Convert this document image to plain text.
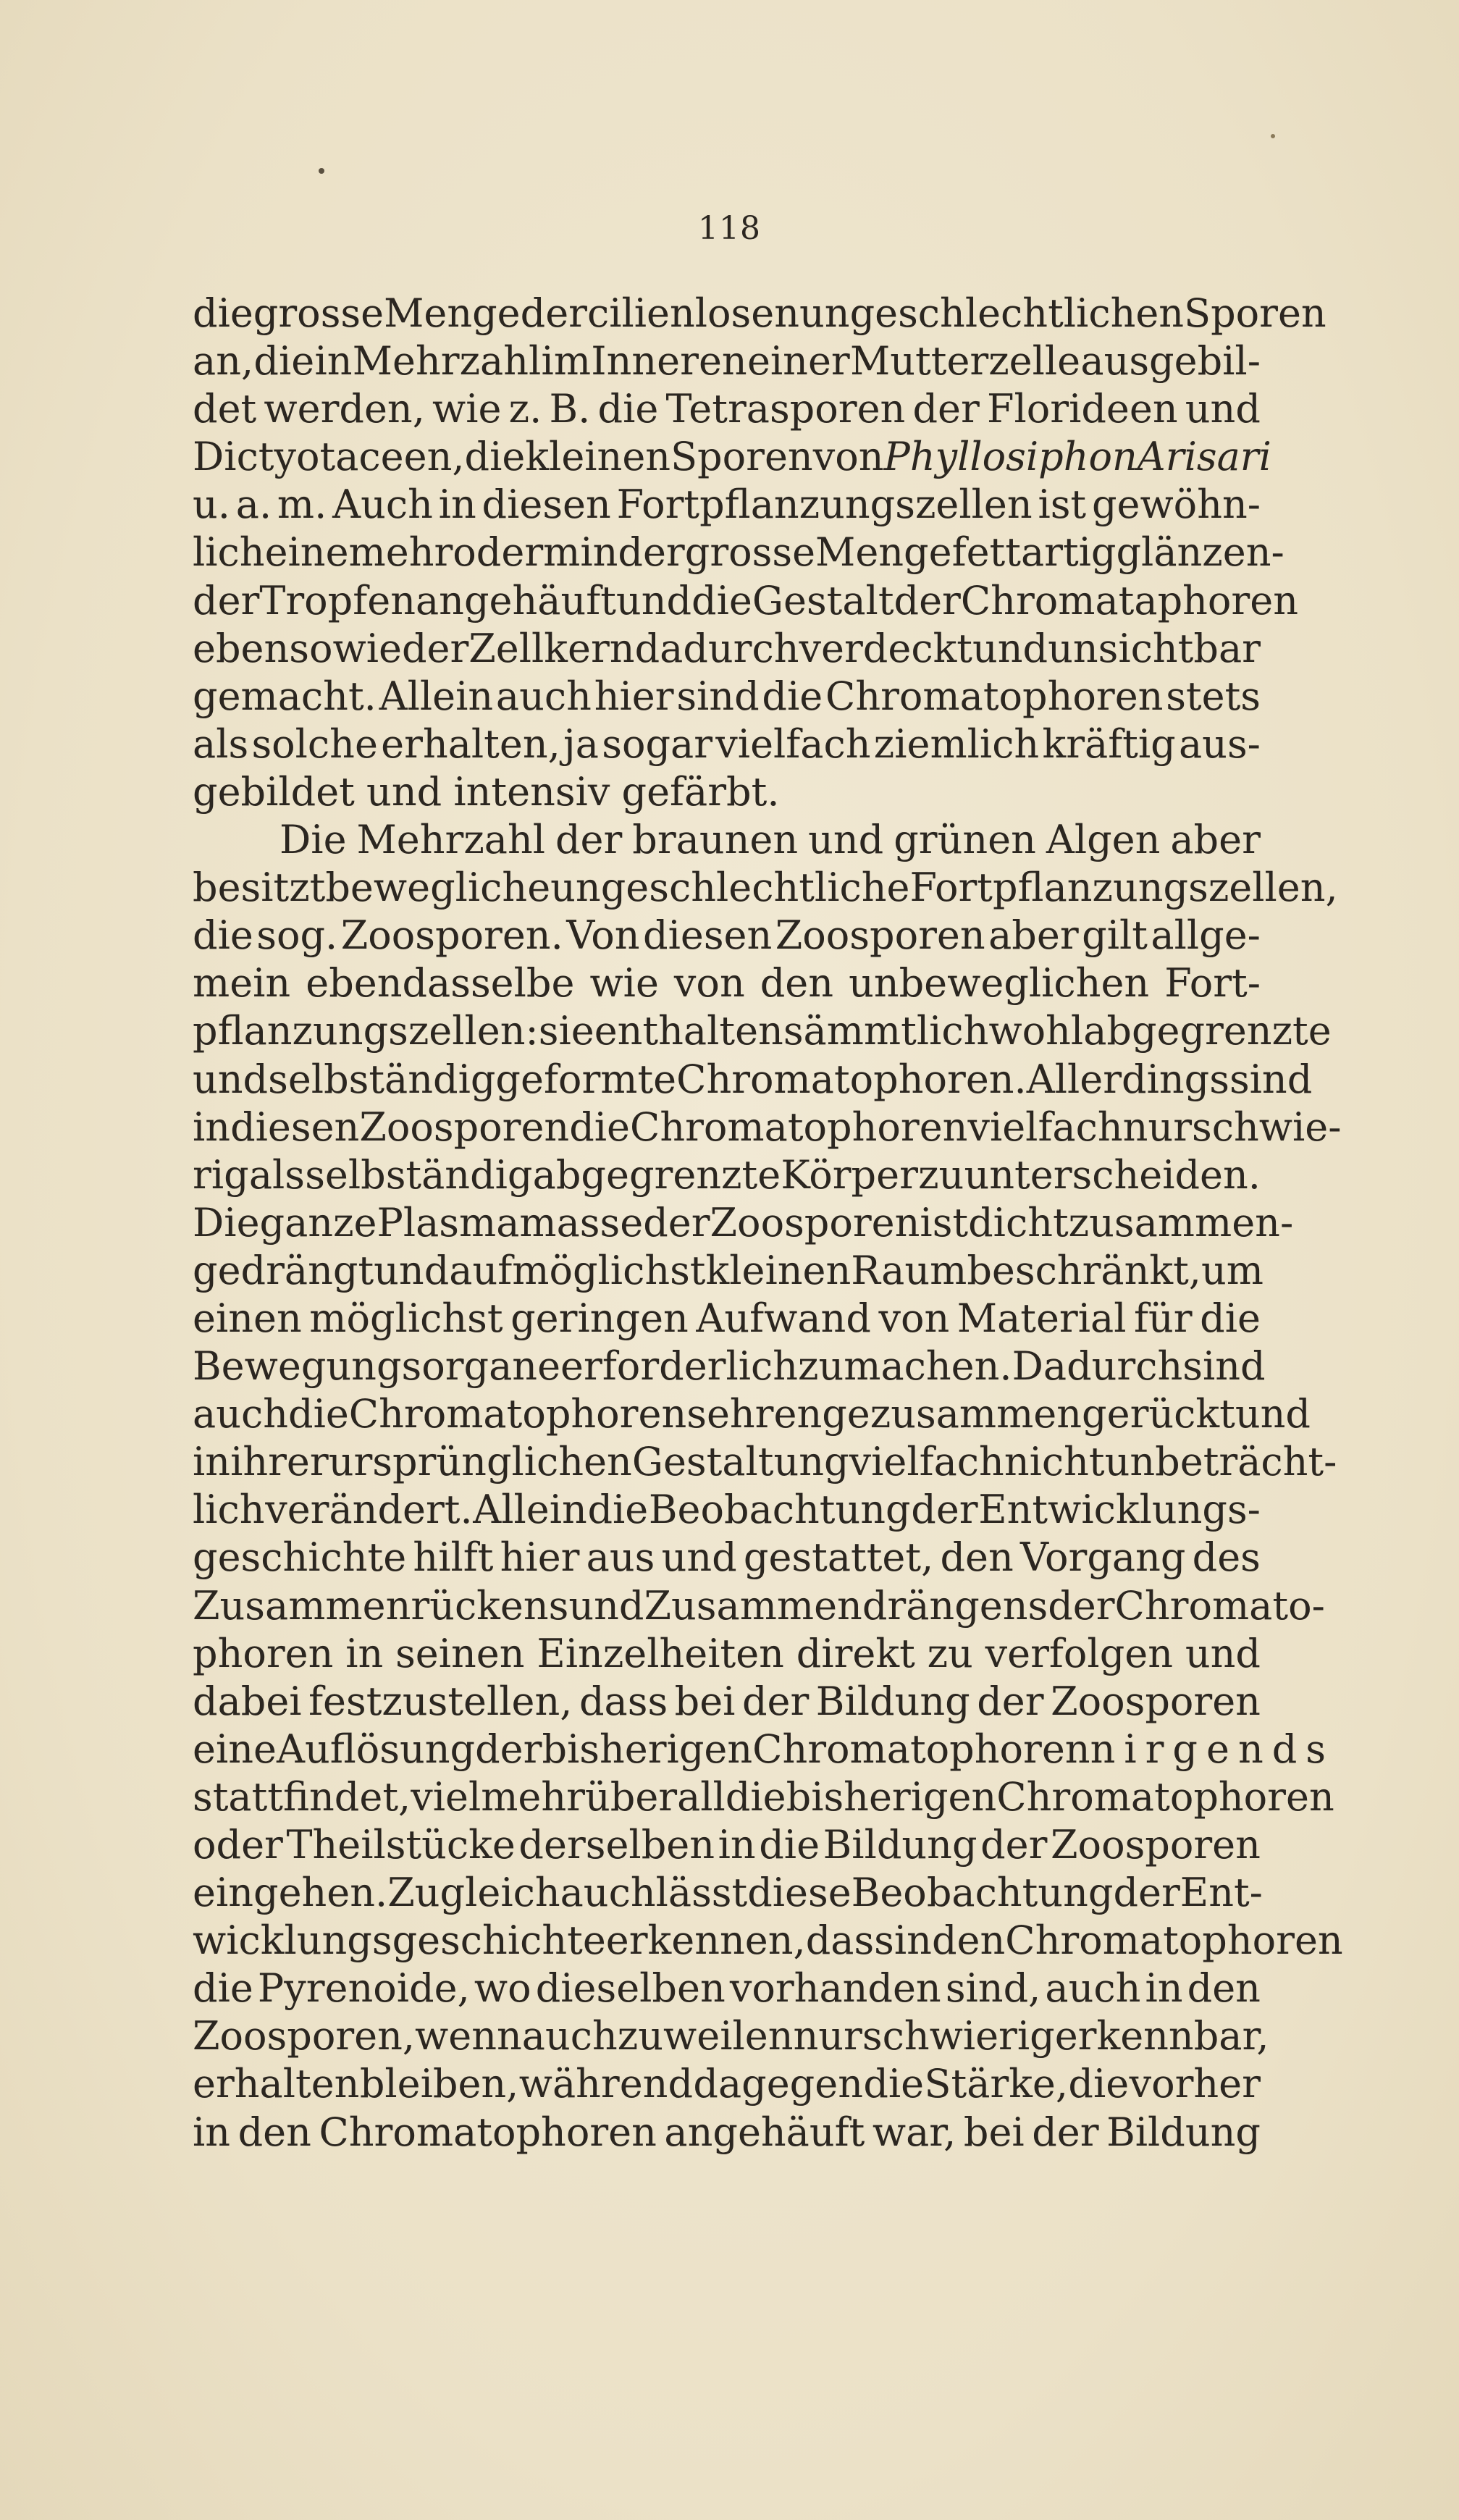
118
die grosse Menge der cilienlosen ungeschlechtlichen Sporen
an, die in Mehrzahl im Inneren einer Mutterzelle ausgebil-
det werden, wie z. B. die Tetrasporen der Florideen und
Dictyotaceen, die kleinen Sporen von Phyllosiphon Arisari
u. a. m. Auch in diesen Fortpflanzungszellen ist gewöhn-
lich eine mehr oder minder grosse Menge fettartig glänzen-
der Tropfen angehäuft und die Gestalt der Chromataphoren
ebenso wie der Zellkern dadurch verdeckt und unsichtbar
gemacht. Allein auch hier sind die Chromatophoren stets
als solche erhalten, ja sogar vielfach ziemlich kräftig aus-
gebildet und intensiv gefärbt.
Die Mehrzahl der braunen und grünen Algen aber
besitzt bewegliche ungeschlechtliche Fortpflanzungszellen,
die sog. Zoosporen. Von diesen Zoosporen aber gilt allge-
mein ebendasselbe wie von den unbeweglichen Fort-
pflanzungszellen: sie enthalten sämmtlich wohlabgegrenzte
und selbständig geformte Chromatophoren. Allerdings sind
in diesen Zoosporen die Chromatophoren vielfach nur schwie-
rig als selbständig abgegrenzte Körper zu unterscheiden.
Die ganze Plasmamasse der Zoosporen ist dicht zusammen-
gedrängt und auf möglichst kleinen Raum beschränkt, um
einen möglichst geringen Aufwand von Material für die
Bewegungsorgane erforderlich zu machen. Dadurch sind
auch die Chromatophoren sehr enge zusammengerückt und
in ihrer ursprünglichen Gestaltung vielfach nicht unbeträcht-
lich verändert. Allein die Beobachtung der Entwicklungs-
geschichte hilft hier aus und gestattet, den Vorgang des
Zusammenrückens und Zusammendrängens der Chromato-
phoren in seinen Einzelheiten direkt zu verfolgen und
dabei festzustellen, dass bei der Bildung der Zoosporen
eine Auflösung der bisherigen Chromatophoren nirgends
stattfindet, vielmehr überall die bisherigen Chromatophoren
oder Theilstücke derselben in die Bildung der Zoosporen
eingehen. Zugleich auch lässt diese Beobachtung der Ent-
wicklungsgeschichte erkennen, dass in den Chromatophoren
die Pyrenoide, wo dieselben vorhanden sind, auch in den
Zoosporen, wenn auch zuweilen nur schwierig erkennbar,
erhalten bleiben, während dagegen die Stärke, die vorher
in den Chromatophoren angehäuft war, bei der Bildung
